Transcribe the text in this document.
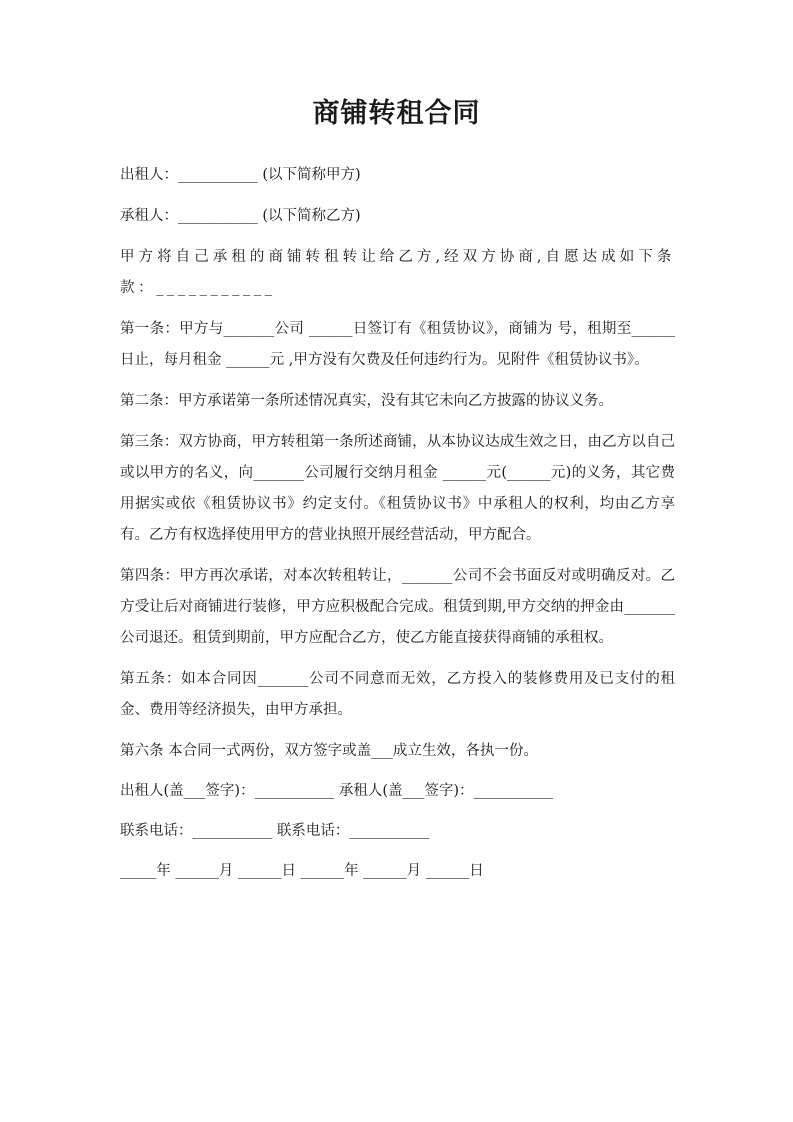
商铺转租合同

出租人：___________ (以下简称甲方)

承租人：___________ (以下简称乙方)

甲方将自己承租的商铺转租转让给乙方,经双方协商,自愿达成如下条款：___________

第一条：甲方与_______公司 ______日签订有《租赁协议》，商铺为 号，租期至______日止，每月租金 ______元 ,甲方没有欠费及任何违约行为。见附件《租赁协议书》。

第二条：甲方承诺第一条所述情况真实，没有其它未向乙方披露的协议义务。

第三条：双方协商，甲方转租第一条所述商铺，从本协议达成生效之日，由乙方以自己或以甲方的名义，向_______公司履行交纳月租金 ______元(______元)的义务，其它费用据实或依《租赁协议书》约定支付。《租赁协议书》中承租人的权利，均由乙方享有。乙方有权选择使用甲方的营业执照开展经营活动，甲方配合。

第四条：甲方再次承诺，对本次转租转让，_______公司不会书面反对或明确反对。乙方受让后对商铺进行装修，甲方应积极配合完成。租赁到期,甲方交纳的押金由_______公司退还。租赁到期前，甲方应配合乙方，使乙方能直接获得商铺的承租权。

第五条：如本合同因_______公司不同意而无效，乙方投入的装修费用及已支付的租金、费用等经济损失，由甲方承担。

第六条 本合同一式两份，双方签字或盖___成立生效，各执一份。

出租人(盖___签字)：___________ 承租人(盖___签字)：___________

联系电话：___________ 联系电话：___________

_____年 ______月 ______日 ______年 ______月 ______日
